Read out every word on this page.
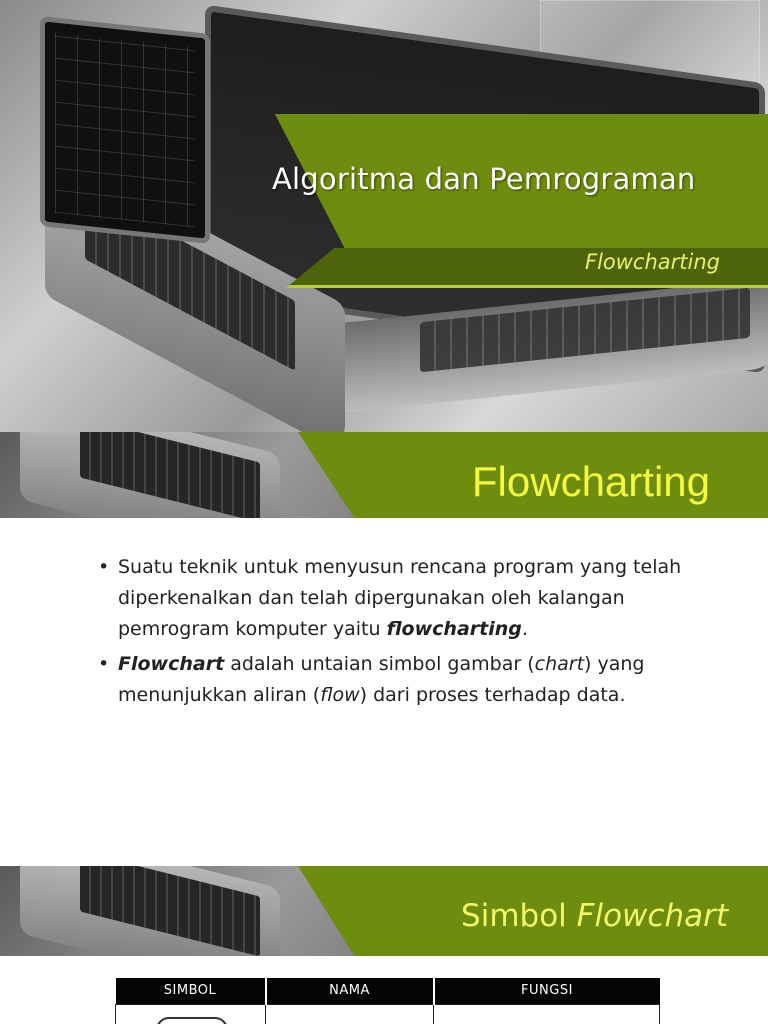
Algoritma dan Pemrograman
Flowcharting
Flowcharting
• Suatu teknik untuk menyusun rencana program yang telah diperkenalkan dan telah dipergunakan oleh kalangan pemrogram komputer yaitu flowcharting.
• Flowchart adalah untaian simbol gambar (chart) yang menunjukkan aliran (flow) dari proses terhadap data.
Simbol Flowchart
SIMBOL	NAMA	FUNGSI
